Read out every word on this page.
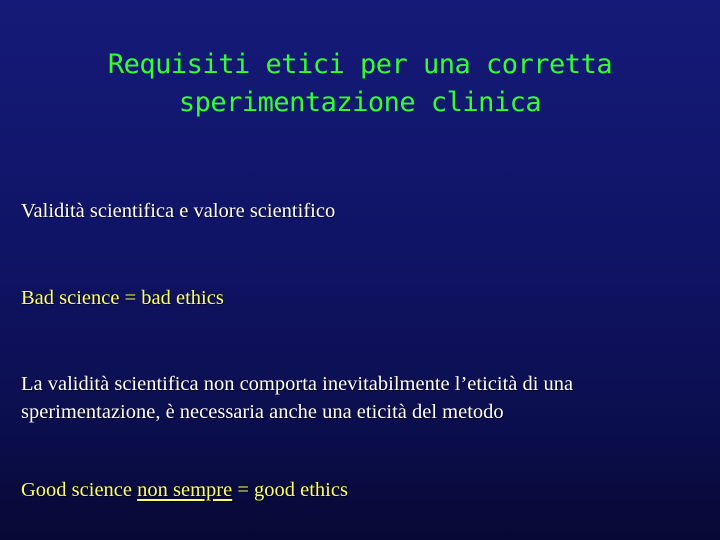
Requisiti etici per una corretta
sperimentazione clinica
Validità scientifica e valore scientifico
Bad science = bad ethics
La validità scientifica non comporta inevitabilmente l’eticità di una
sperimentazione, è necessaria anche una eticità del metodo
Good science non sempre = good ethics
